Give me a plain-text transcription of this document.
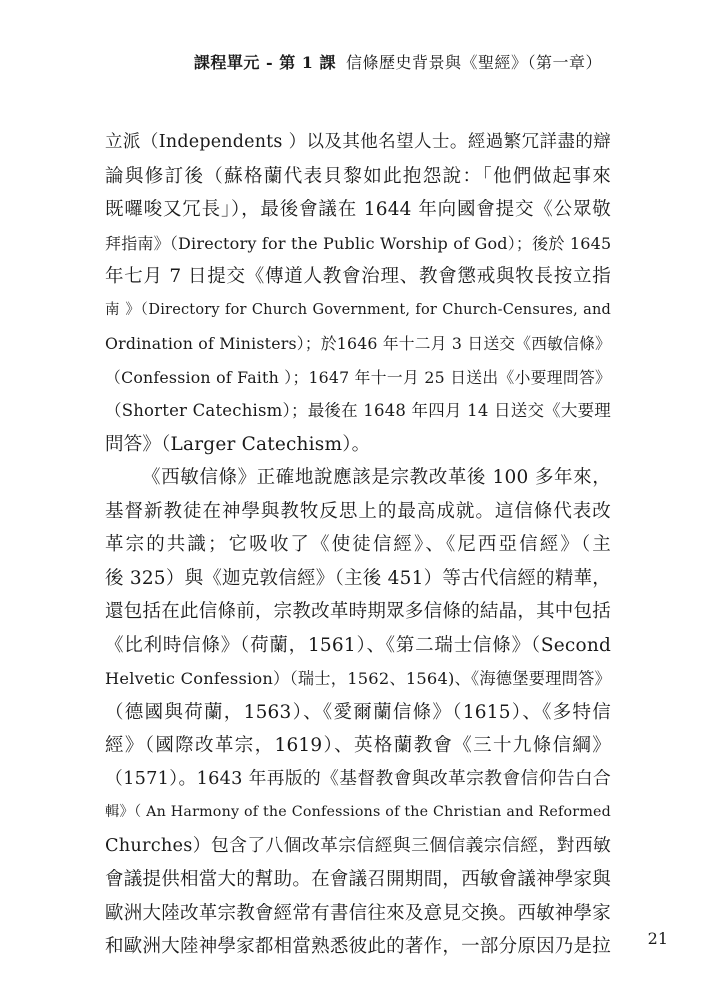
課程單元 - 第 1 課 信條歷史背景與《聖經》（第一章）
立派（Independents ）以及其他名望人士。經過繁冗詳盡的辯
論與修訂後（蘇格蘭代表貝黎如此抱怨說：「他們做起事來
既囉唆又冗長」），最後會議在 1644 年向國會提交《公眾敬
拜指南》（Directory for the Public Worship of God）；後於 1645
年七月 7 日提交《傳道人教會治理、教會懲戒與牧長按立指
南 》（Directory for Church Government, for Church-Censures, and
Ordination of Ministers）；於1646 年十二月 3 日送交《西敏信條》
（Confession of Faith ）；1647 年十一月 25 日送出《小要理問答》
（Shorter Catechism）；最後在 1648 年四月 14 日送交《大要理
問答》（Larger Catechism）。
《西敏信條》正確地說應該是宗教改革後 100 多年來，
基督新教徒在神學與教牧反思上的最高成就。這信條代表改
革宗的共識；它吸收了《使徒信經》、《尼西亞信經》（主
後 325）與《迦克敦信經》（主後 451）等古代信經的精華，
還包括在此信條前，宗教改革時期眾多信條的結晶，其中包括
《比利時信條》（荷蘭，1561）、《第二瑞士信條》（Second
Helvetic Confession）（瑞士，1562、1564)、《海德堡要理問答》
（德國與荷蘭，1563）、《愛爾蘭信條》（1615）、《多特信
經》（國際改革宗，1619）、英格蘭教會《三十九條信綱》
（1571）。1643 年再版的《基督教會與改革宗教會信仰告白合
輯》（ An Harmony of the Confessions of the Christian and Reformed
Churches）包含了八個改革宗信經與三個信義宗信經，對西敏
會議提供相當大的幫助。在會議召開期間，西敏會議神學家與
歐洲大陸改革宗教會經常有書信往來及意見交換。西敏神學家
和歐洲大陸神學家都相當熟悉彼此的著作，一部分原因乃是拉 21
